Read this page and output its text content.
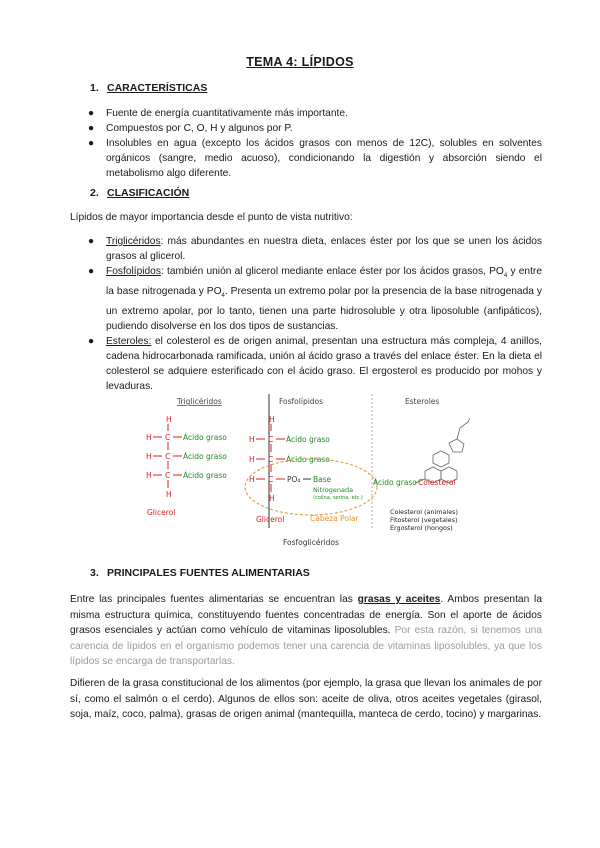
TEMA 4: LÍPIDOS
1. CARACTERÍSTICAS
● Fuente de energía cuantitativamente más importante.
● Compuestos por C, O, H y algunos por P.
● Insolubles en agua (excepto los ácidos grasos con menos de 12C), solubles en solventes orgánicos (sangre, medio acuoso), condicionando la digestión y absorción siendo el metabolismo algo diferente.
2. CLASIFICACIÓN
Lípidos de mayor importancia desde el punto de vista nutritivo:
● Triglicéridos: más abundantes en nuestra dieta, enlaces éster por los que se unen los ácidos grasos al glicerol.
● Fosfolípidos: también unión al glicerol mediante enlace éster por los ácidos grasos, $PO_4$ y entre la base nitrogenada y $PO_4$. Presenta un extremo polar por la presencia de la base nitrogenada y un extremo apolar, por lo tanto, tienen una parte hidrosoluble y otra liposoluble (anfipáticos), pudiendo disolverse en los dos tipos de sustancias.
● Esteroles: el colesterol es de origen animal, presentan una estructura más compleja, 4 anillos, cadena hidrocarbonada ramificada, unión al ácido graso a través del enlace éster. En la dieta el colesterol se adquiere esterificado con el ácido graso. El ergosterol es producido por mohos y levaduras.
Triglicéridos	Fosfolípidos	Esteroles
H
H C Ácido graso
H C Ácido graso
H C Ácido graso
H
Glicerol
H
H C Ácido graso
H C Ácido graso
H C PO₄ Base
Nitrogenada
(colina, serina, etc.)
H
Glicerol	Cabeza Polar
Fosfoglicéridos
Ácido graso Colesterol
Colesterol (animales)
Fitosterol (vegetales)
Ergosterol (hongos)
3. PRINCIPALES FUENTES ALIMENTARIAS
Entre las principales fuentes alimentarias se encuentran las grasas y aceites. Ambos presentan la misma estructura química, constituyendo fuentes concentradas de energía. Son el aporte de ácidos grasos esenciales y actúan como vehículo de vitaminas liposolubles. Por esta razón, si tenemos una carencia de lípidos en el organismo podemos tener una carencia de vitaminas liposolubles, ya que los lípidos se encarga de transportarlas.
Difieren de la grasa constitucional de los alimentos (por ejemplo, la grasa que llevan los animales de por sí, como el salmón o el cerdo). Algunos de ellos son: aceite de oliva, otros aceites vegetales (girasol, soja, maíz, coco, palma), grasas de origen animal (mantequilla, manteca de cerdo, tocino) y margarinas.
